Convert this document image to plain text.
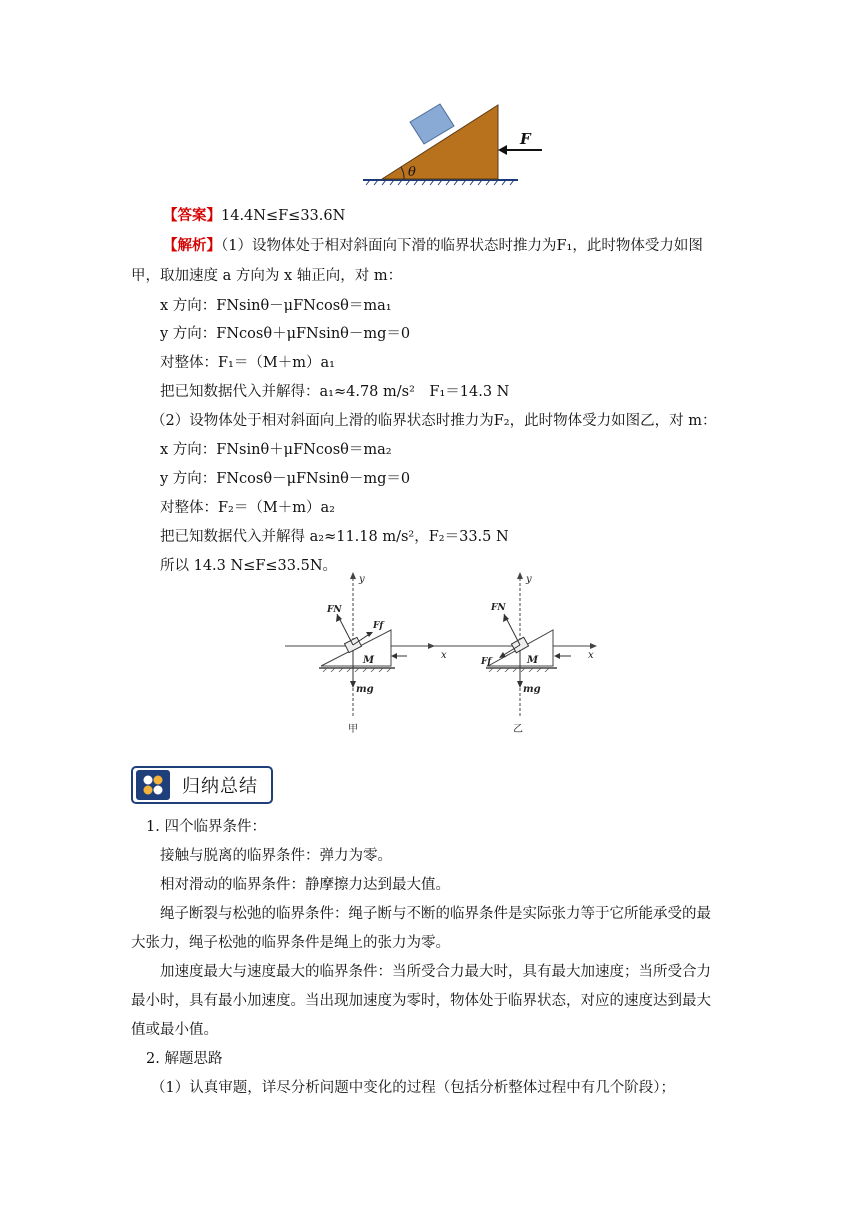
θ
F
【答案】14.4N≤F≤33.6N
【解析】（1）设物体处于相对斜面向下滑的临界状态时推力为F₁，此时物体受力如图
甲，取加速度 a 方向为 x 轴正向，对 m：
x 方向：FNsinθ－μFNcosθ＝ma₁
y 方向：FNcosθ＋μFNsinθ－mg＝0
对整体：F₁＝（M＋m）a₁
把已知数据代入并解得：a₁≈4.78 m/s²　F₁＝14.3 N
（2）设物体处于相对斜面向上滑的临界状态时推力为F₂，此时物体受力如图乙，对 m：
x 方向：FNsinθ＋μFNcosθ＝ma₂
y 方向：FNcosθ－μFNsinθ－mg＝0
对整体：F₂＝（M＋m）a₂
把已知数据代入并解得 a₂≈11.18 m/s²，F₂＝33.5 N
所以 14.3 N≤F≤33.5N。
y
FN
Ff
M	x
mg
甲
y
FN
Ff	M	x
mg
乙
归纳总结
1. 四个临界条件：
接触与脱离的临界条件：弹力为零。
相对滑动的临界条件：静摩擦力达到最大值。
绳子断裂与松弛的临界条件：绳子断与不断的临界条件是实际张力等于它所能承受的最
大张力，绳子松弛的临界条件是绳上的张力为零。
加速度最大与速度最大的临界条件：当所受合力最大时，具有最大加速度；当所受合力
最小时，具有最小加速度。当出现加速度为零时，物体处于临界状态，对应的速度达到最大
值或最小值。
2. 解题思路
（1）认真审题，详尽分析问题中变化的过程（包括分析整体过程中有几个阶段）；
